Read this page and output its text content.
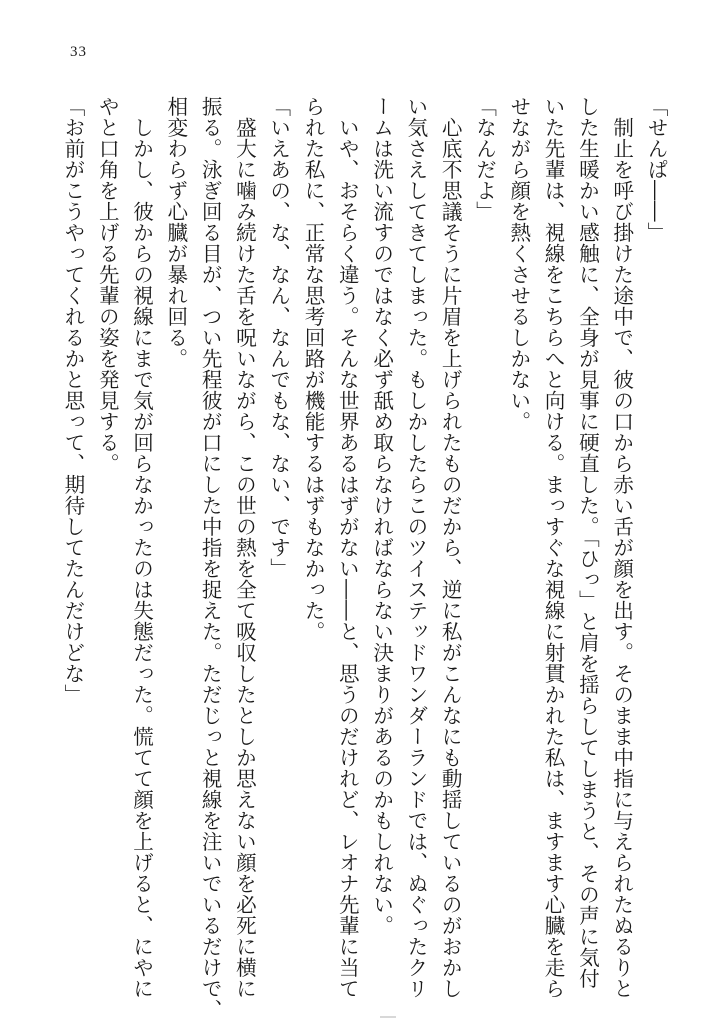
33
「せんぱ――」
　制止を呼び掛けた途中で、彼の口から赤い舌が顔を出す。そのまま中指に与えられたぬるりと
した生暖かい感触に、全身が見事に硬直した。「ひっ」と肩を揺らしてしまうと、その声に気付
いた先輩は、視線をこちらへと向ける。まっすぐな視線に射貫かれた私は、ますます心臓を走ら
せながら顔を熱くさせるしかない。
「なんだよ」
　心底不思議そうに片眉を上げられたものだから、逆に私がこんなにも動揺しているのがおかし
い気さえしてきてしまった。もしかしたらこのツイステッドワンダーランドでは、ぬぐったクリ
ームは洗い流すのではなく必ず舐め取らなければならない決まりがあるのかもしれない。
　いや、おそらく違う。そんな世界あるはずがない――と、思うのだけれど、レオナ先輩に当て
られた私に、正常な思考回路が機能するはずもなかった。
「いえあの、な、なん、なんでもな、ない、です」
　盛大に噛み続けた舌を呪いながら、この世の熱を全て吸収したとしか思えない顔を必死に横に
振る。泳ぎ回る目が、つい先程彼が口にした中指を捉えた。ただじっと視線を注いでいるだけで、
相変わらず心臓が暴れ回る。
　しかし、彼からの視線にまで気が回らなかったのは失態だった。慌てて顔を上げると、にやに
やと口角を上げる先輩の姿を発見する。
「お前がこうやってくれるかと思って、期待してたんだけどな」
